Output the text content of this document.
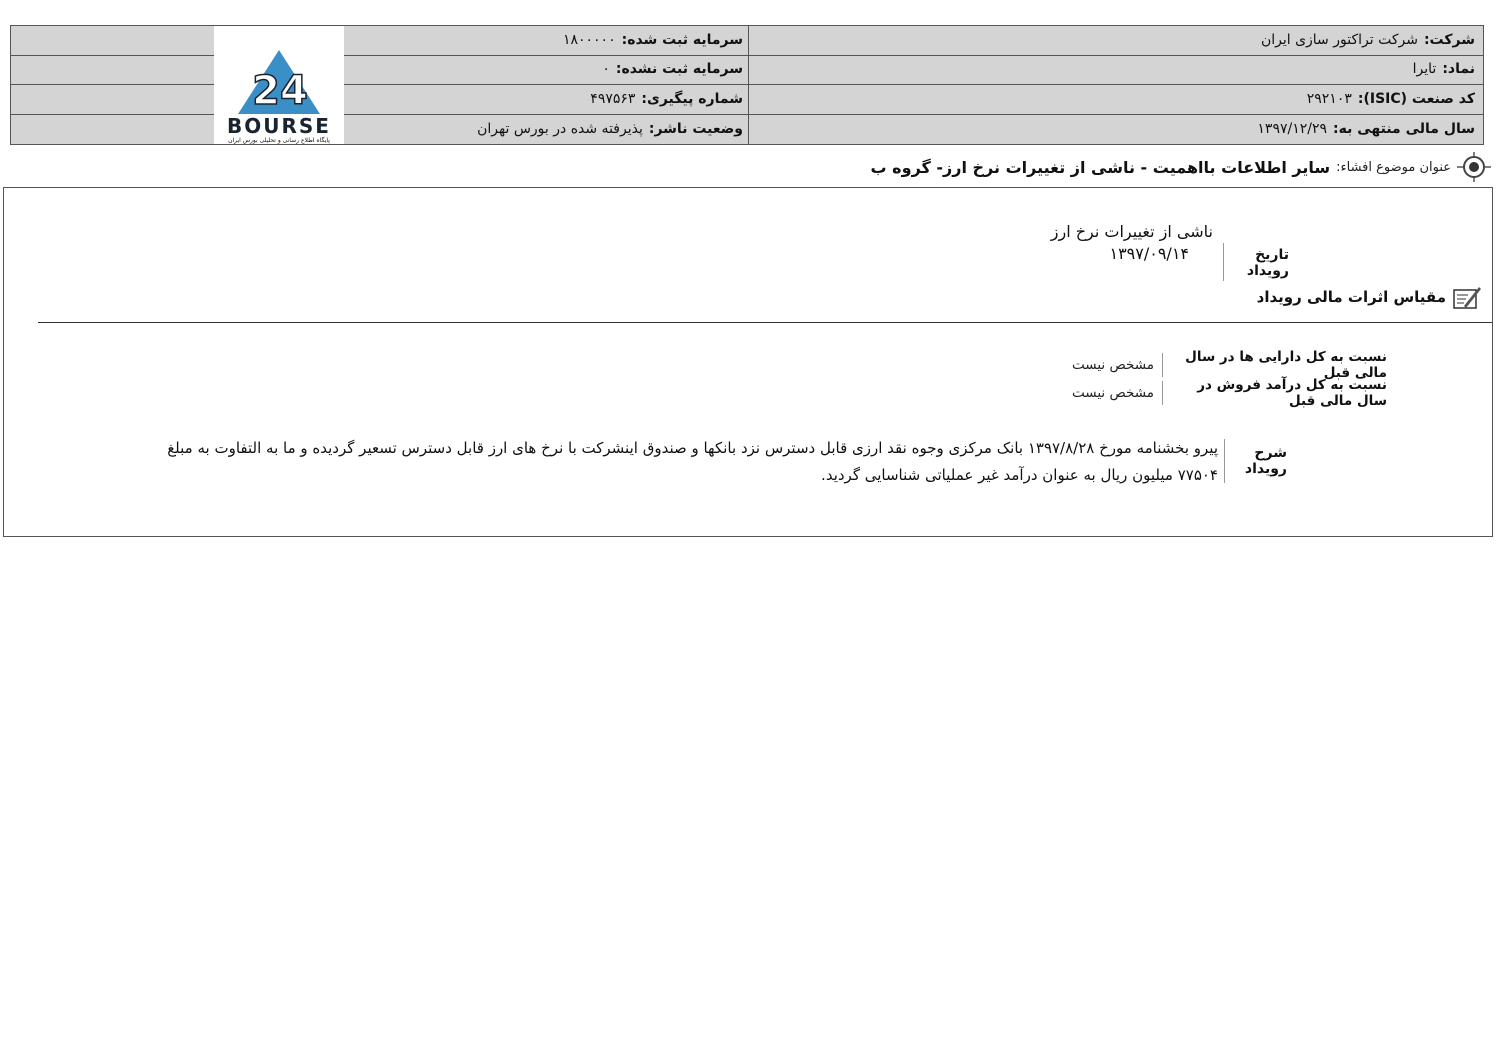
شرکت:شرکت تراکتور سازی ایران
سرمایه ثبت شده:۱۸۰۰۰۰۰
نماد:تایرا
سرمایه ثبت نشده:۰
کد صنعت (ISIC):۲۹۲۱۰۳
شماره پیگیری:۴۹۷۵۶۳
سال مالی منتهی به:۱۳۹۷/۱۲/۲۹
وضعیت ناشر:پذیرفته شده در بورس تهران
24
BOURSE
پایگاه اطلاع رسانی و تحلیلی بورس ایران
عنوان موضوع افشاء:
سایر اطلاعات بااهمیت - ناشی از تغییرات نرخ ارز- گروه ب
تاریخ رویداد
ناشی از تغییرات نرخ ارز
۱۳۹۷/۰۹/۱۴
مقیاس اثرات مالی رویداد
نسبت به کل دارایی ها در سال مالی قبل
مشخص نیست
نسبت به کل درآمد فروش در سال مالی قبل
مشخص نیست
شرح رویداد
پیرو بخشنامه مورخ ۱۳۹۷/۸/۲۸ بانک مرکزی وجوه نقد ارزی قابل دسترس نزد بانکها و صندوق اینشرکت با نرخ های ارز قابل دسترس تسعیر گردیده و ما به التفاوت به مبلغ ۷۷۵۰۴ میلیون ریال به عنوان درآمد غیر عملیاتی شناسایی گردید.
